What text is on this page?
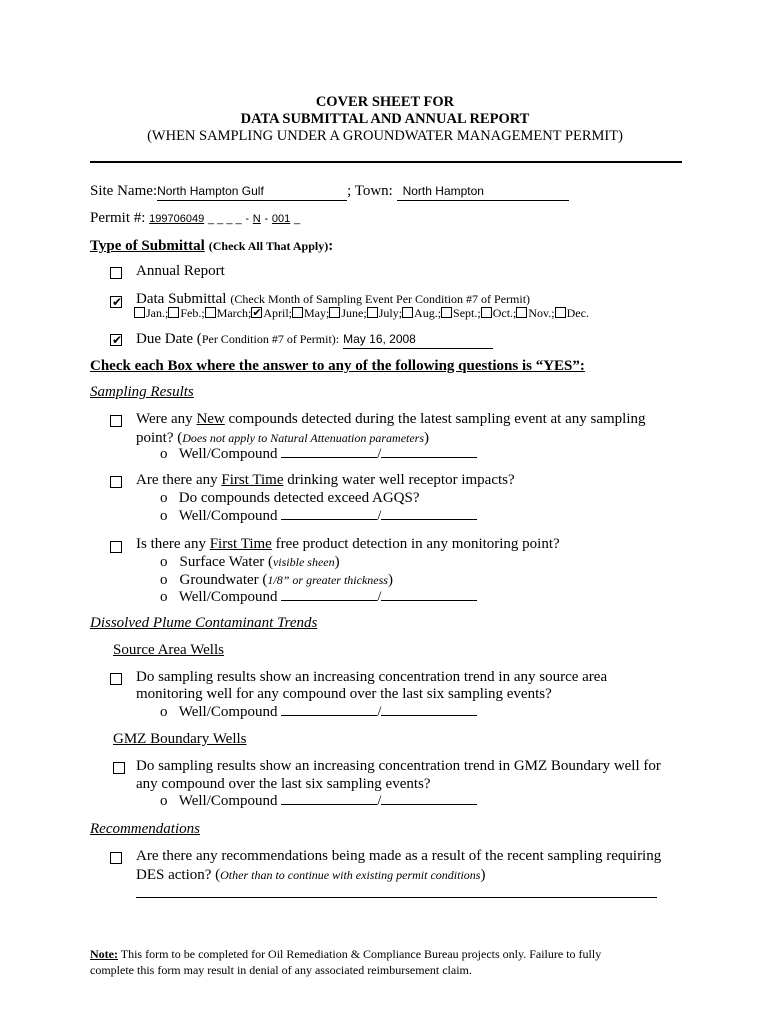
COVER SHEET FOR
DATA SUBMITTAL AND ANNUAL REPORT
(WHEN SAMPLING UNDER A GROUNDWATER MANAGEMENT PERMIT)
Site Name:North Hampton Gulf	; Town: North Hampton
Permit #: 199706049 _ _ _ _ - N - 001 _
Type of Submittal (Check All That Apply):
Annual Report
✔ Data Submittal (Check Month of Sampling Event Per Condition #7 of Permit)
Jan.; Feb.; March; ✔ April; May; June; July; Aug.; Sept.; Oct.; Nov.; Dec.
✔ Due Date (Per Condition #7 of Permit): May 16, 2008
Check each Box where the answer to any of the following questions is “YES”:
Sampling Results
Were any New compounds detected during the latest sampling event at any sampling
point? (Does not apply to Natural Attenuation parameters)
o Well/Compound	/
Are there any First Time drinking water well receptor impacts?
o Do compounds detected exceed AGQS?
o Well/Compound	/
Is there any First Time free product detection in any monitoring point?
o Surface Water (visible sheen)
o Groundwater (1/8” or greater thickness)
o Well/Compound	/
Dissolved Plume Contaminant Trends
Source Area Wells
Do sampling results show an increasing concentration trend in any source area
monitoring well for any compound over the last six sampling events?
o Well/Compound	/
GMZ Boundary Wells
Do sampling results show an increasing concentration trend in GMZ Boundary well for
any compound over the last six sampling events?
o Well/Compound	/
Recommendations
Are there any recommendations being made as a result of the recent sampling requiring
DES action? (Other than to continue with existing permit conditions)
Note: This form to be completed for Oil Remediation & Compliance Bureau projects only. Failure to fully
complete this form may result in denial of any associated reimbursement claim.
